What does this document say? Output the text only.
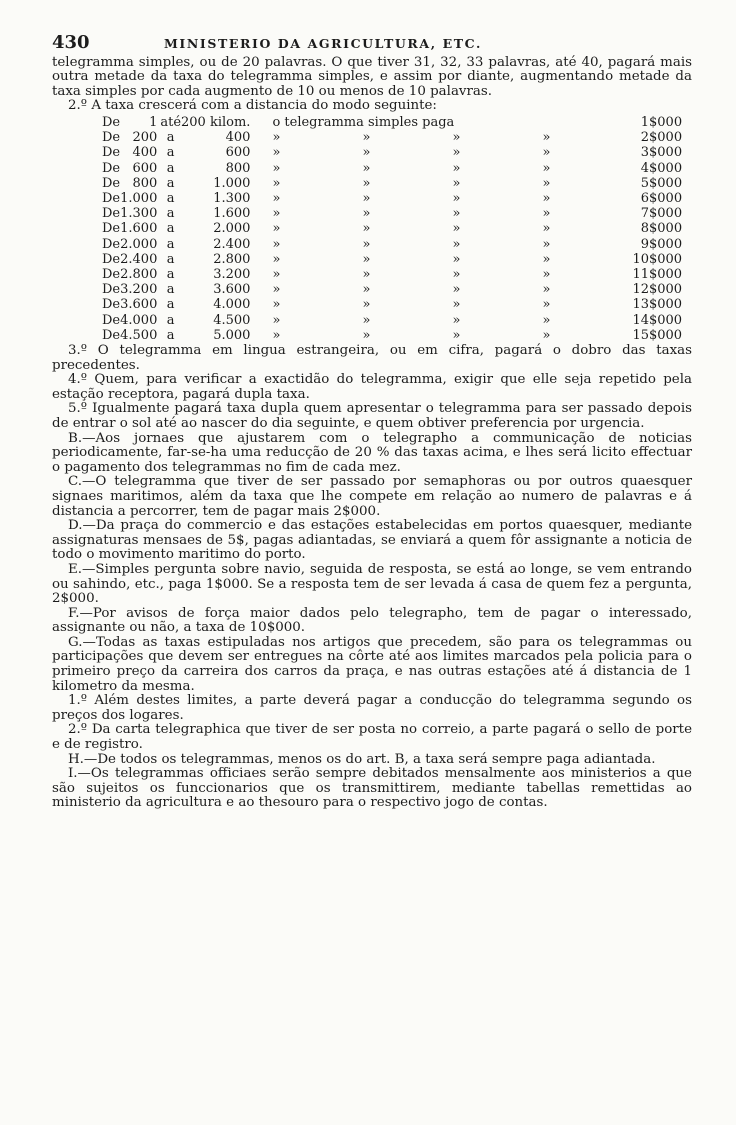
430	MINISTERIO DA AGRICULTURA, ETC.

telegramma simples, ou de 20 palavras. O que tiver 31, 32, 33 palavras, até 40, pagará mais outra metade da taxa do telegramma simples, e assim por diante, augmentando metade da taxa simples por cada augmento de 10 ou menos de 10 palavras.

2.º A taxa crescerá com a distancia do modo seguinte:

De	1	até	200 kilom.	o telegramma simples paga	1$000
De	200	a	400	» » » »	2$000
De	400	a	600	» » » »	3$000
De	600	a	800	» » » »	4$000
De	800	a	1.000	» » » »	5$000
De	1.000	a	1.300	» » » »	6$000
De	1.300	a	1.600	» » » »	7$000
De	1.600	a	2.000	» » » »	8$000
De	2.000	a	2.400	» » » »	9$000
De	2.400	a	2.800	» » » »	10$000
De	2.800	a	3.200	» » » »	11$000
De	3.200	a	3.600	» » » »	12$000
De	3.600	a	4.000	» » » »	13$000
De	4.000	a	4.500	» » » »	14$000
De	4.500	a	5.000	» » » »	15$000

3.º O telegramma em lingua estrangeira, ou em cifra, pagará o dobro das taxas precedentes.

4.º Quem, para verificar a exactidão do telegramma, exigir que elle seja repetido pela estação receptora, pagará dupla taxa.

5.º Igualmente pagará taxa dupla quem apresentar o telegramma para ser passado depois de entrar o sol até ao nascer do dia seguinte, e quem obtiver preferencia por urgencia.

B.—Aos jornaes que ajustarem com o telegrapho a communicação de noticias periodicamente, far-se-ha uma reducção de 20 % das taxas acima, e lhes será licito effectuar o pagamento dos telegrammas no fim de cada mez.

C.—O telegramma que tiver de ser passado por semaphoras ou por outros quaesquer signaes maritimos, além da taxa que lhe compete em relação ao numero de palavras e á distancia a percorrer, tem de pagar mais 2$000.

D.—Da praça do commercio e das estações estabelecidas em portos quaesquer, mediante assignaturas mensaes de 5$, pagas adiantadas, se enviará a quem fôr assignante a noticia de todo o movimento maritimo do porto.

E.—Simples pergunta sobre navio, seguida de resposta, se está ao longe, se vem entrando ou sahindo, etc., paga 1$000. Se a resposta tem de ser levada á casa de quem fez a pergunta, 2$000.

F.—Por avisos de força maior dados pelo telegrapho, tem de pagar o interessado, assignante ou não, a taxa de 10$000.

G.—Todas as taxas estipuladas nos artigos que precedem, são para os telegrammas ou participações que devem ser entregues na côrte até aos limites marcados pela policia para o primeiro preço da carreira dos carros da praça, e nas outras estações até á distancia de 1 kilometro da mesma.

1.º Além destes limites, a parte deverá pagar a conducção do telegramma segundo os preços dos logares.

2.º Da carta telegraphica que tiver de ser posta no correio, a parte pagará o sello de porte e de registro.

H.—De todos os telegrammas, menos os do art. B, a taxa será sempre paga adiantada.

I.—Os telegrammas officiaes serão sempre debitados mensalmente aos ministerios a que são sujeitos os funccionarios que os transmittirem, mediante tabellas remettidas ao ministerio da agricultura e ao thesouro para o respectivo jogo de contas.
